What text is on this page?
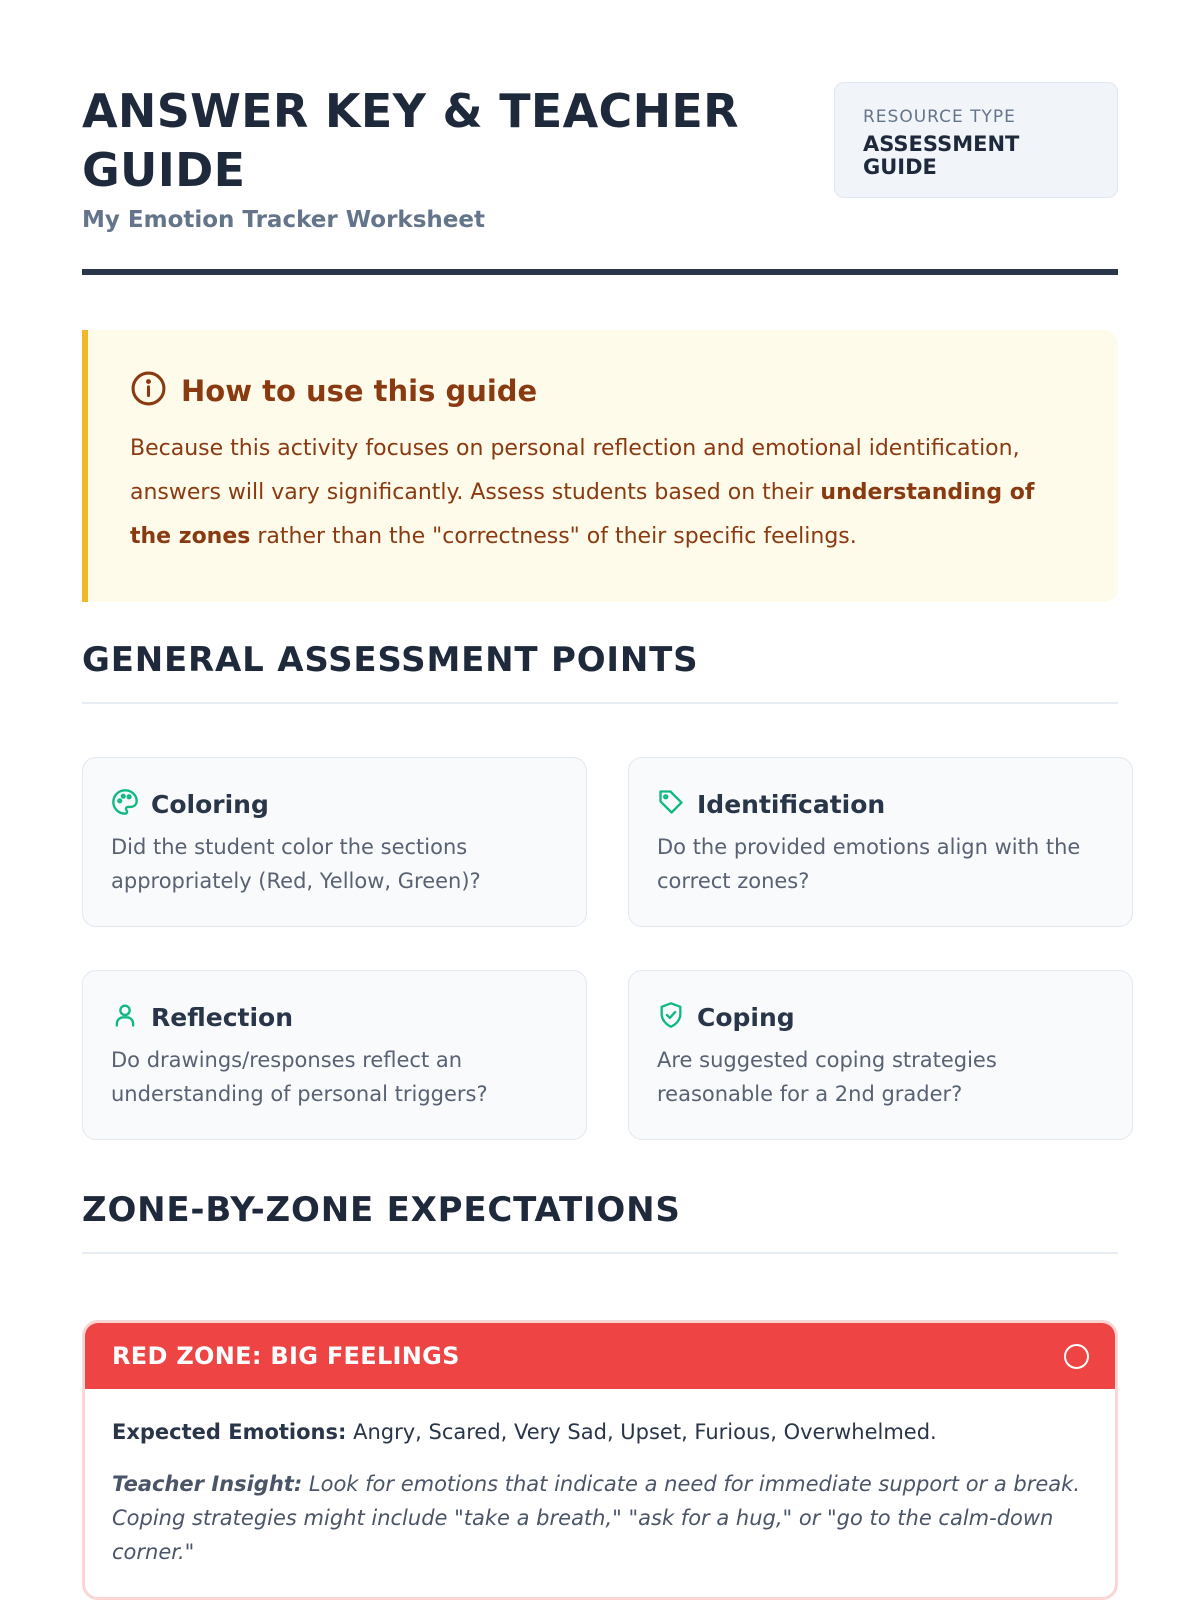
ANSWER KEY & TEACHER GUIDE
My Emotion Tracker Worksheet
RESOURCE TYPE
ASSESSMENT GUIDE
How to use this guide

Because this activity focuses on personal reflection and emotional identification, answers will vary significantly. Assess students based on their understanding of the zones rather than the "correctness" of their specific feelings.

GENERAL ASSESSMENT POINTS
Coloring

Did the student color the sections appropriately (Red, Yellow, Green)?

Identification

Do the provided emotions align with the correct zones?

Reflection

Do drawings/responses reflect an understanding of personal triggers?

Coping

Are suggested coping strategies reasonable for a 2nd grader?

ZONE-BY-ZONE EXPECTATIONS
RED ZONE: BIG FEELINGS

Expected Emotions: Angry, Scared, Very Sad, Upset, Furious, Overwhelmed.

Teacher Insight: Look for emotions that indicate a need for immediate support or a break. Coping strategies might include "take a breath," "ask for a hug," or "go to the calm-down corner."
